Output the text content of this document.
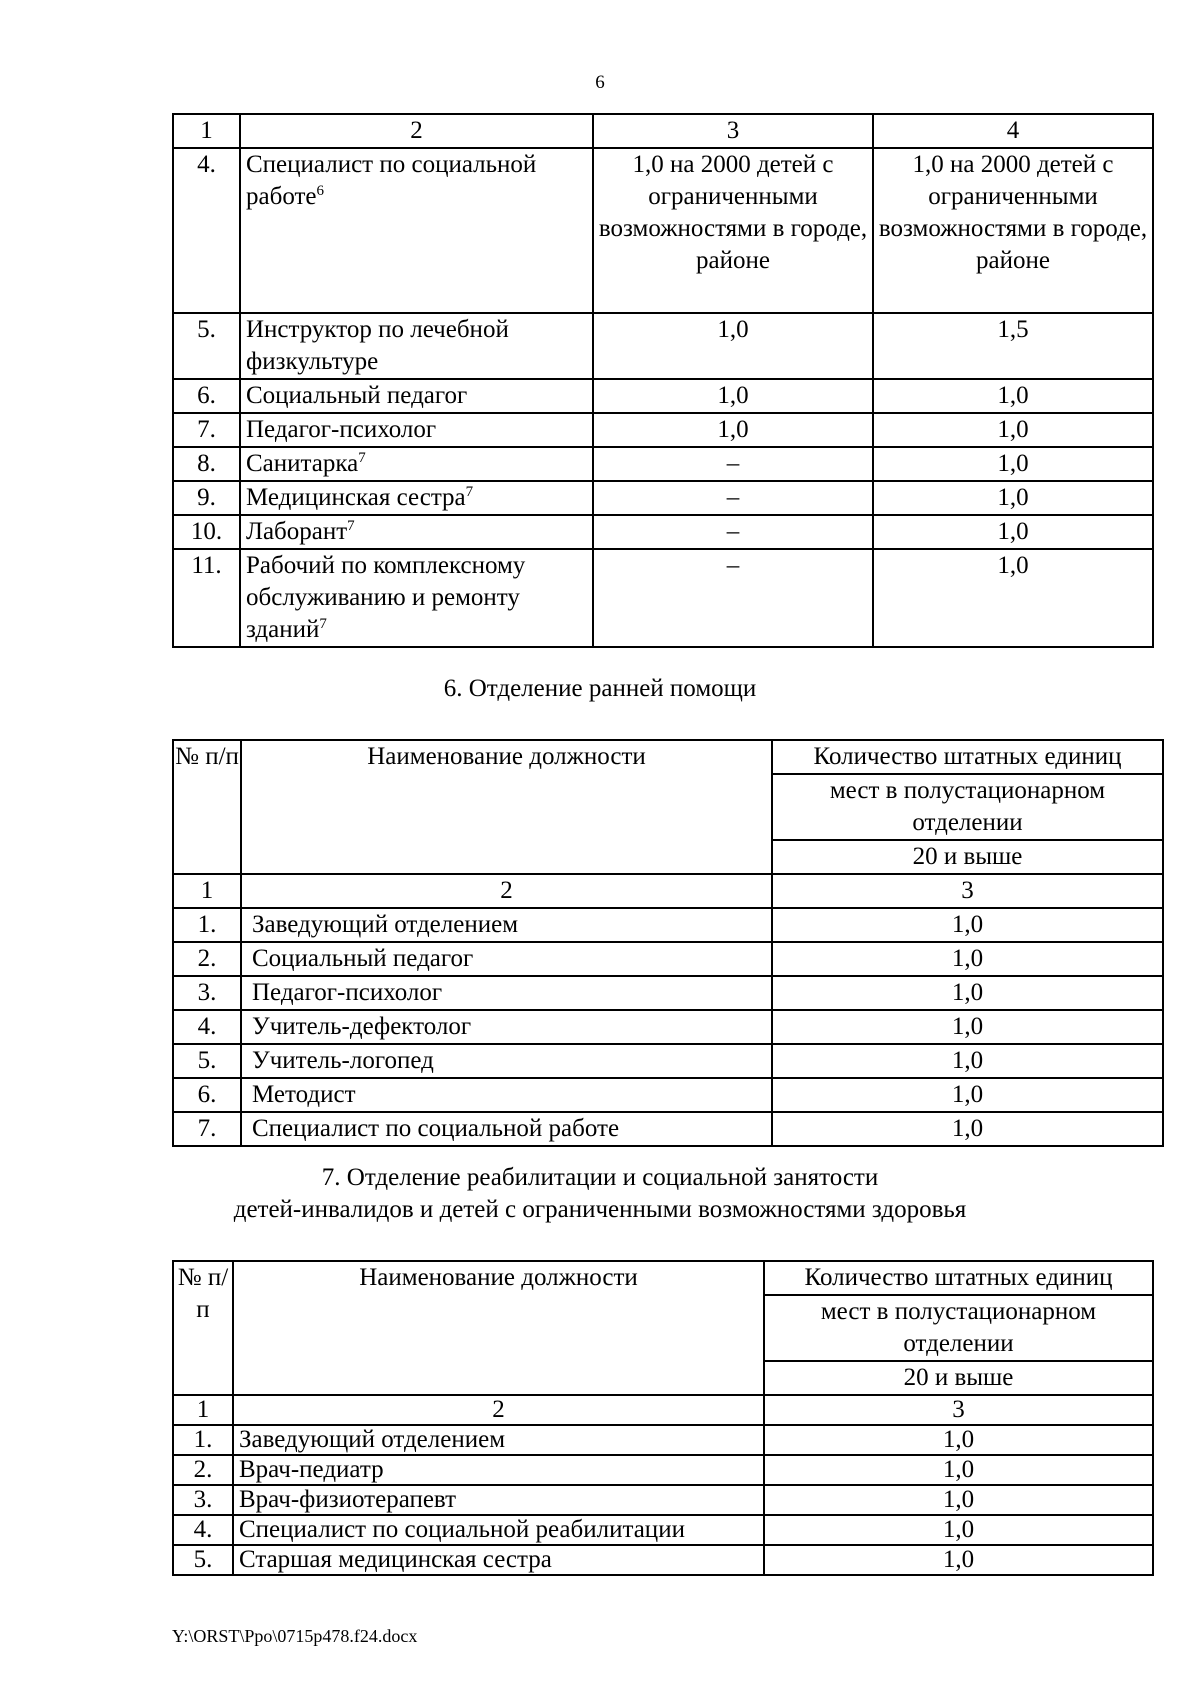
6
1	2	3	4
4.	Специалист по социальной работе$^6$	1,0 на 2000 детей с ограниченными возможностями в городе, районе	1,0 на 2000 детей с ограниченными возможностями в городе, районе
5.	Инструктор по лечебной физкультуре	1,0	1,5
6.	Социальный педагог	1,0	1,0
7.	Педагог-психолог	1,0	1,0
8.	Санитарка$^7$	–	1,0
9.	Медицинская сестра$^7$	–	1,0
10.	Лаборант$^7$	–	1,0
11.	Рабочий по комплексному обслуживанию и ремонту зданий$^7$	–	1,0
6. Отделение ранней помощи
№ п/п	Наименование должности	Количество штатных единиц
		мест в полустационарном отделении
		20 и выше
1	2	3
1.	Заведующий отделением	1,0
2.	Социальный педагог	1,0
3.	Педагог-психолог	1,0
4.	Учитель-дефектолог	1,0
5.	Учитель-логопед	1,0
6.	Методист	1,0
7.	Специалист по социальной работе	1,0
7. Отделение реабилитации и социальной занятости
детей-инвалидов и детей с ограниченными возможностями здоровья
№ п/п	Наименование должности	Количество штатных единиц
		мест в полустационарном отделении
		20 и выше
1	2	3
1.	Заведующий отделением	1,0
2.	Врач-педиатр	1,0
3.	Врач-физиотерапевт	1,0
4.	Специалист по социальной реабилитации	1,0
5.	Старшая медицинская сестра	1,0
Y:\ORST\Ppo\0715p478.f24.docx
